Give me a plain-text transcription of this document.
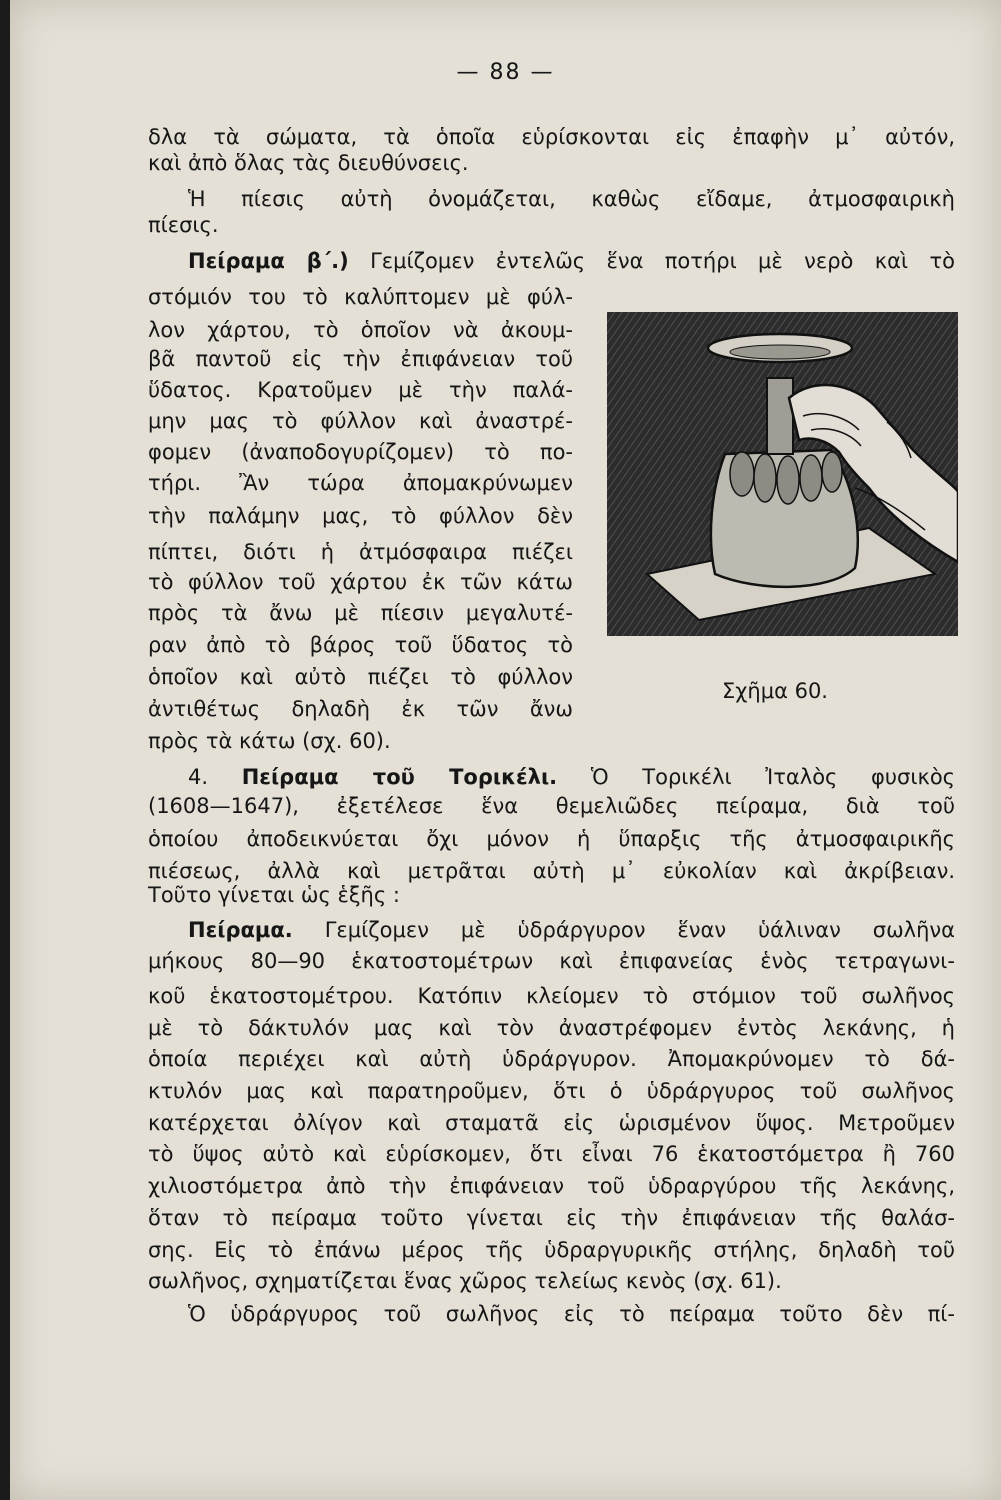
— 88 —
δλα τὰ σώματα, τὰ ὁποῖα εὑρίσκονται εἰς ἐπαφὴν μ᾽ αὐτόν,
καὶ ἀπὸ ὅλας τὰς διευθύνσεις.
Ἡ πίεσις αὐτὴ ὀνομάζεται, καθὼς εἴδαμε, ἀτμοσφαιρικὴ
πίεσις.
Πείραμα β΄.) Γεμίζομεν ἐντελῶς ἕνα ποτήρι μὲ νερὸ καὶ τὸ
στόμιόν του τὸ καλύπτομεν μὲ φύλ-
λον χάρτου, τὸ ὁποῖον νὰ ἀκουμ-
βᾶ παντοῦ εἰς τὴν ἐπιφάνειαν τοῦ
ὕδατος. Κρατοῦμεν μὲ τὴν παλά-
μην μας τὸ φύλλον καὶ ἀναστρέ-
φομεν (ἀναποδογυρίζομεν) τὸ πο-
τήρι. Ἂν τώρα ἀπομακρύνωμεν
τὴν παλάμην μας, τὸ φύλλον δὲν
πίπτει, διότι ἡ ἀτμόσφαιρα πιέζει
τὸ φύλλον τοῦ χάρτου ἐκ τῶν κάτω
πρὸς τὰ ἄνω μὲ πίεσιν μεγαλυτέ-
ραν ἀπὸ τὸ βάρος τοῦ ὕδατος τὸ
ὁποῖον καὶ αὐτὸ πιέζει τὸ φύλλον
ἀντιθέτως δηλαδὴ ἐκ τῶν ἄνω
πρὸς τὰ κάτω (σχ. 60).
Σχῆμα 60.
4. Πείραμα τοῦ Τορικέλι. Ὁ Τορικέλι Ἰταλὸς φυσικὸς
(1608—1647), ἐξετέλεσε ἕνα θεμελιῶδες πείραμα, διὰ τοῦ
ὁποίου ἀποδεικνύεται ὄχι μόνον ἡ ὕπαρξις τῆς ἀτμοσφαιρικῆς
πιέσεως, ἀλλὰ καὶ μετρᾶται αὐτὴ μ᾽ εὐκολίαν καὶ ἀκρίβειαν.
Τοῦτο γίνεται ὡς ἑξῆς :
Πείραμα. Γεμίζομεν μὲ ὑδράργυρον ἕναν ὑάλιναν σωλῆνα
μήκους 80—90 ἑκατοστομέτρων καὶ ἐπιφανείας ἑνὸς τετραγωνι-
κοῦ ἑκατοστομέτρου. Κατόπιν κλείομεν τὸ στόμιον τοῦ σωλῆνος
μὲ τὸ δάκτυλόν μας καὶ τὸν ἀναστρέφομεν ἐντὸς λεκάνης, ἡ
ὁποία περιέχει καὶ αὐτὴ ὑδράργυρον. Ἀπομακρύνομεν τὸ δά-
κτυλόν μας καὶ παρατηροῦμεν, ὅτι ὁ ὑδράργυρος τοῦ σωλῆνος
κατέρχεται ὀλίγον καὶ σταματᾶ εἰς ὡρισμένον ὕψος. Μετροῦμεν
τὸ ὕψος αὐτὸ καὶ εὑρίσκομεν, ὅτι εἶναι 76 ἑκατοστόμετρα ἢ 760
χιλιοστόμετρα ἀπὸ τὴν ἐπιφάνειαν τοῦ ὑδραργύρου τῆς λεκάνης,
ὅταν τὸ πείραμα τοῦτο γίνεται εἰς τὴν ἐπιφάνειαν τῆς θαλάσ-
σης. Εἰς τὸ ἐπάνω μέρος τῆς ὑδραργυρικῆς στήλης, δηλαδὴ τοῦ
σωλῆνος, σχηματίζεται ἕνας χῶρος τελείως κενὸς (σχ. 61).
Ὁ ὑδράργυρος τοῦ σωλῆνος εἰς τὸ πείραμα τοῦτο δὲν πί-
